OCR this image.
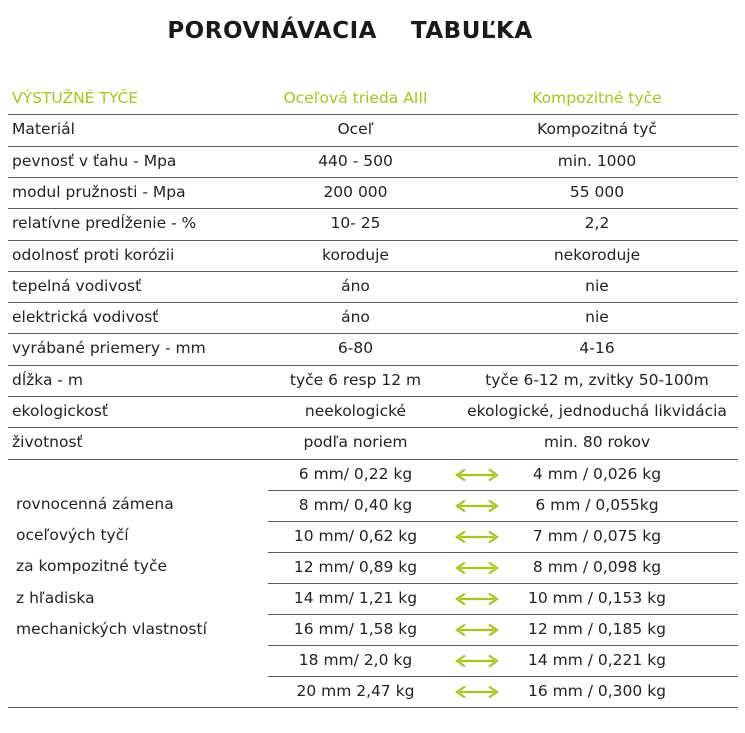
POROVNÁVACIA    TABUĽKA
VÝSTUŽNÉ TYČE	Oceľová trieda AIII	Kompozitné tyče
Materiál	Oceľ	Kompozitná tyč
pevnosť v ťahu - Mpa	440 - 500	min. 1000
modul pružnosti - Mpa	200 000	55 000
relatívne predĺženie - %	10- 25	2,2
odolnosť proti korózii	koroduje	nekoroduje
tepelná vodivosť	áno	nie
elektrická vodivosť	áno	nie
vyrábané priemery - mm	6-80	4-16
dĺžka - m	tyče 6 resp 12 m	tyče 6-12 m, zvitky 50-100m
ekologickosť	neekologické	ekologické, jednoduchá likvidácia
životnosť	podľa noriem	min. 80 rokov
6 mm/ 0,22 kg	4 mm / 0,026 kg
8 mm/ 0,40 kg	6 mm / 0,055kg
10 mm/ 0,62 kg	7 mm / 0,075 kg
12 mm/ 0,89 kg	8 mm / 0,098 kg
14 mm/ 1,21 kg	10 mm / 0,153 kg
16 mm/ 1,58 kg	12 mm / 0,185 kg
18 mm/ 2,0 kg	14 mm / 0,221 kg
20 mm 2,47 kg	16 mm / 0,300 kg
rovnocenná zámena
oceľových tyčí
za kompozitné tyče
z hľadiska
mechanických vlastností
